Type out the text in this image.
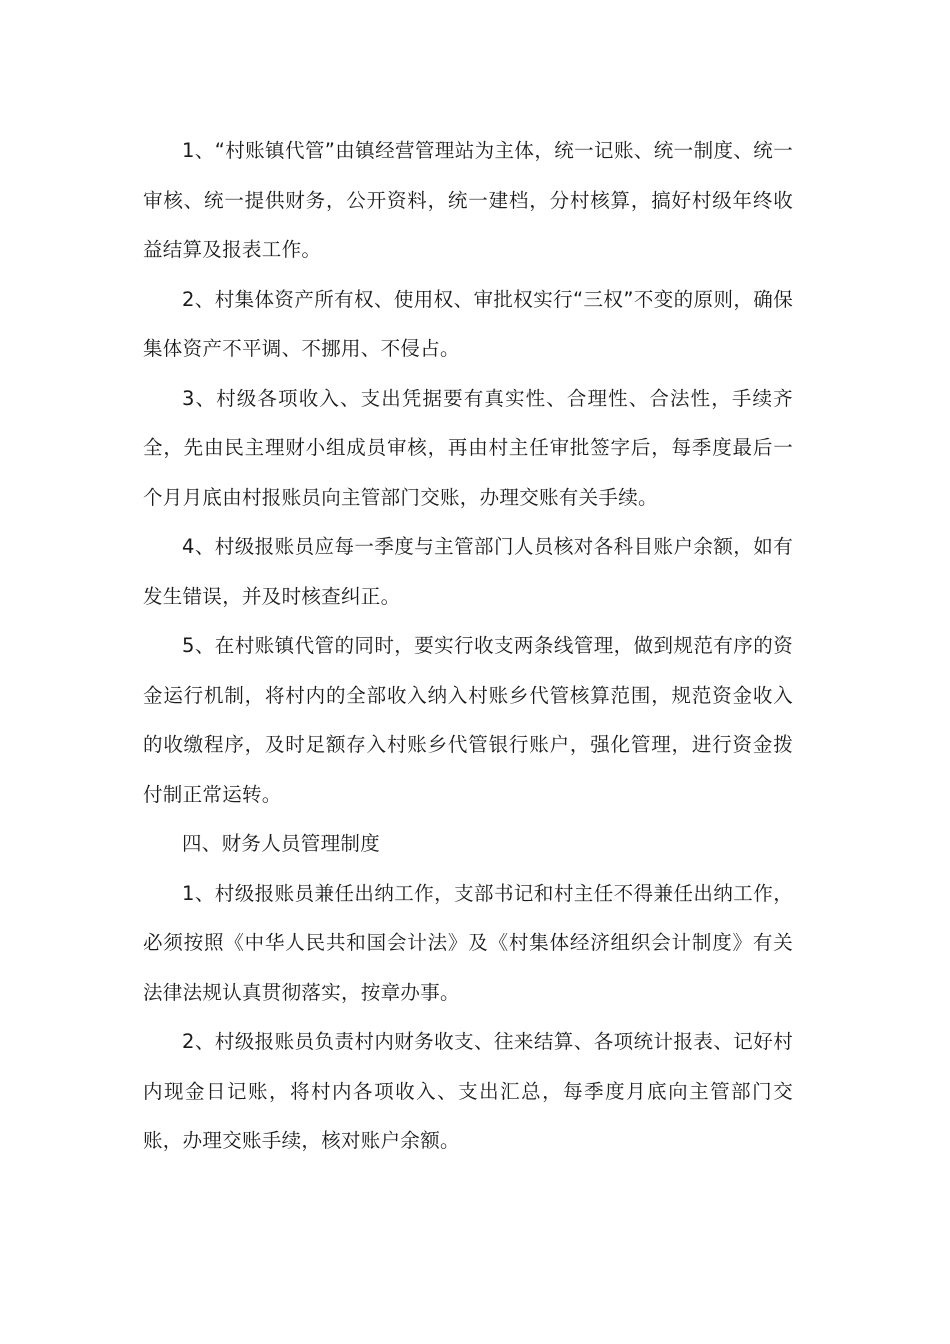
1、“村账镇代管”由镇经营管理站为主体，统一记账、统一制度、统一审核、统一提供财务，公开资料，统一建档，分村核算，搞好村级年终收益结算及报表工作。

2、村集体资产所有权、使用权、审批权实行“三权”不变的原则，确保集体资产不平调、不挪用、不侵占。

3、村级各项收入、支出凭据要有真实性、合理性、合法性，手续齐全，先由民主理财小组成员审核，再由村主任审批签字后，每季度最后一个月月底由村报账员向主管部门交账，办理交账有关手续。

4、村级报账员应每一季度与主管部门人员核对各科目账户余额，如有发生错误，并及时核查纠正。

5、在村账镇代管的同时，要实行收支两条线管理，做到规范有序的资金运行机制，将村内的全部收入纳入村账乡代管核算范围，规范资金收入的收缴程序，及时足额存入村账乡代管银行账户，强化管理，进行资金拨付制正常运转。

四、财务人员管理制度

1、村级报账员兼任出纳工作，支部书记和村主任不得兼任出纳工作，必须按照《中华人民共和国会计法》及《村集体经济组织会计制度》有关法律法规认真贯彻落实，按章办事。

2、村级报账员负责村内财务收支、往来结算、各项统计报表、记好村内现金日记账，将村内各项收入、支出汇总，每季度月底向主管部门交账，办理交账手续，核对账户余额。
